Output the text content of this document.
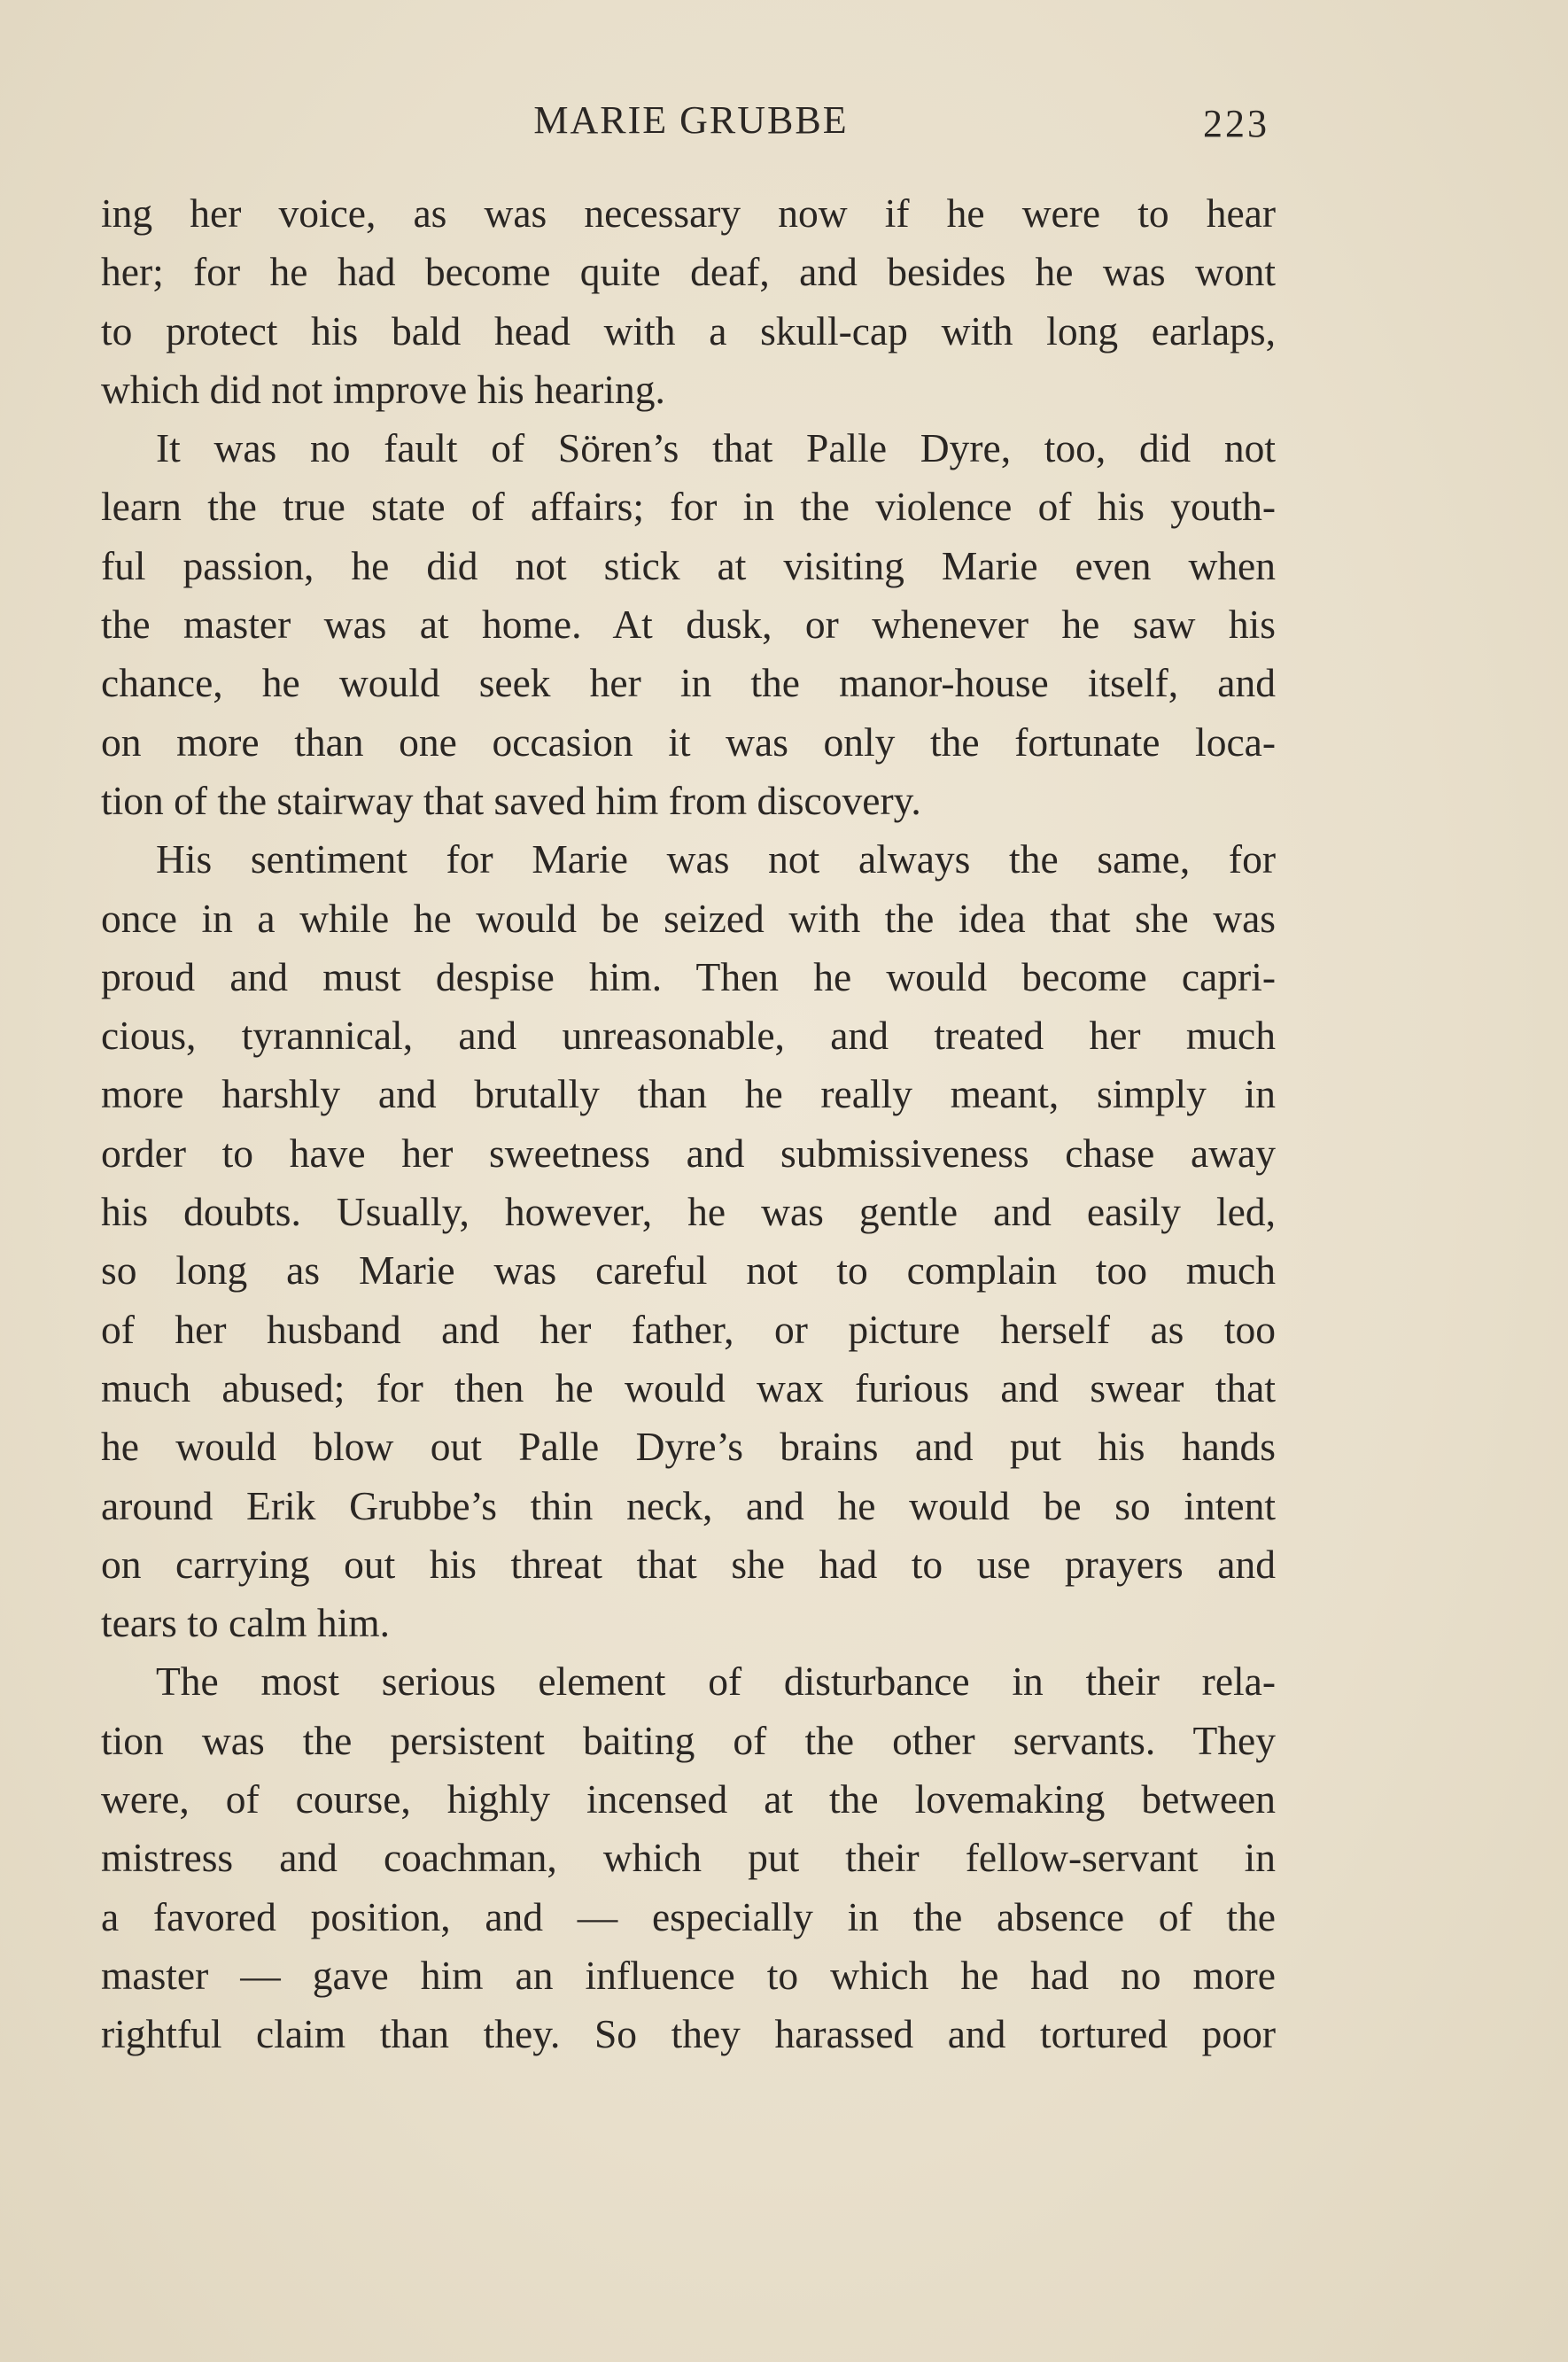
MARIE GRUBBE	223

ing her voice, as was necessary now if he were to hear
her; for he had become quite deaf, and besides he was wont
to protect his bald head with a skull-cap with long earlaps,
which did not improve his hearing.

It was no fault of Sören’s that Palle Dyre, too, did not
learn the true state of affairs; for in the violence of his youth-
ful passion, he did not stick at visiting Marie even when
the master was at home. At dusk, or whenever he saw his
chance, he would seek her in the manor-house itself, and
on more than one occasion it was only the fortunate loca-
tion of the stairway that saved him from discovery.

His sentiment for Marie was not always the same, for
once in a while he would be seized with the idea that she was
proud and must despise him. Then he would become capri-
cious, tyrannical, and unreasonable, and treated her much
more harshly and brutally than he really meant, simply in
order to have her sweetness and submissiveness chase away
his doubts. Usually, however, he was gentle and easily led,
so long as Marie was careful not to complain too much
of her husband and her father, or picture herself as too
much abused; for then he would wax furious and swear that
he would blow out Palle Dyre’s brains and put his hands
around Erik Grubbe’s thin neck, and he would be so intent
on carrying out his threat that she had to use prayers and
tears to calm him.

The most serious element of disturbance in their rela-
tion was the persistent baiting of the other servants. They
were, of course, highly incensed at the lovemaking between
mistress and coachman, which put their fellow-servant in
a favored position, and — especially in the absence of the
master — gave him an influence to which he had no more
rightful claim than they. So they harassed and tortured poor
